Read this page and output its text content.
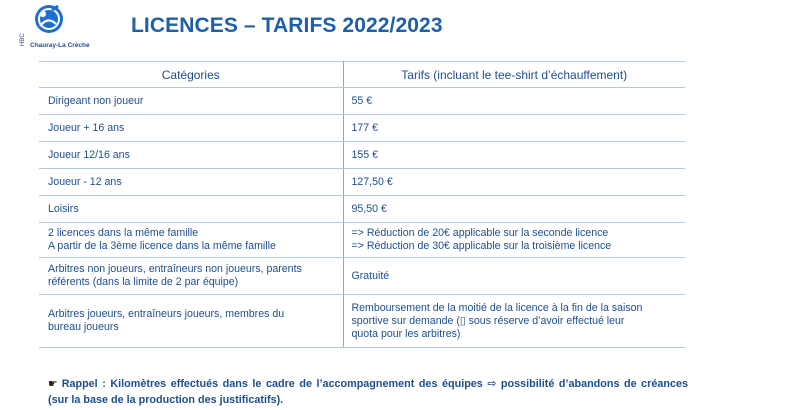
HBC Chauray-La Crèche
LICENCES – TARIFS 2022/2023
Catégories	Tarifs (incluant le tee-shirt d’échauffement)

Dirigeant non joueur	55 €

Joueur + 16 ans	177 €

Joueur 12/16 ans	155 €

Joueur - 12 ans	127,50 €

Loisirs	95,50 €

2 licences dans la même famille
A partir de la 3ème licence dans la même famille	=> Réduction de 20€ applicable sur la seconde licence
=> Réduction de 30€ applicable sur la troisième licence

Arbitres non joueurs, entraîneurs non joueurs, parents
référents (dans la limite de 2 par équipe)	Gratuité

Arbitres joueurs, entraîneurs joueurs, membres du
bureau joueurs	Remboursement de la moitié de la licence à la fin de la saison
sportive sur demande (▯ sous réserve d’avoir effectué leur
quota pour les arbitres)
☛ Rappel : Kilomètres effectués dans le cadre de l’accompagnement des équipes ⇨ possibilité d’abandons de créances (sur la base de la production des justificatifs).
